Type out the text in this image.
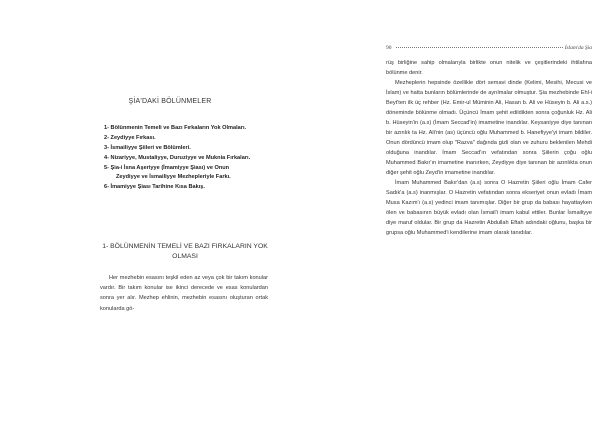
ŞİA'DAKİ BÖLÜNMELER
1- Bölünmenin Temeli ve Bazı Fırkaların Yok Olmaları.
2- Zeydiyye Fırkası.
3- İsmailiyye Şiileri ve Bölümleri.
4- Nizariyye, Mustaliyye, Duruziyye ve Muknia Fırkaları.
5- Şia-i İsna Aşeriyye (İmamiyye Şiası) ve Onun Zeydiyye ve İsmailiyye Mezhepleriyle Farkı.
6- İmamiyye Şiası Tarihine Kısa Bakış.
1- BÖLÜNMENİN TEMELİ VE BAZI FIRKALARIN YOK OLMASI

Her mezhebin esasını teşkil eden az veya çok bir takım konular vardır. Bir takım konular ise ikinci derecede ve esas konulardan sonra yer alır. Mezhep ehlinin, mezhebin esasını oluşturan ortak konularda gö-

90	İslam'da Şia

rüş birliğine sahip olmalarıyla birlikte onun nitelik ve çeşitlerindeki ihtilafına bölünme denir.

Mezheplerin hepsinde özellikle dört semavi dinde (Kelimi, Mesihi, Mecusi ve İslam) ve hatta bunların bölümlerinde de ayrılmalar olmuştur. Şia mezhebinde Ehl-i Beyt'ten ilk üç rehber (Hz. Emir-ul Müminin Ali, Hasan b. Ali ve Hüseyin b. Ali a.s.) döneminde bölünme olmadı. Üçüncü İmam şehit edildikten sonra çoğunluk Hz. Ali b. Hüseyin'in (a.s) (İmam Seccad'in) imametine inandılar. Keysaniyye diye tanınan bir azınlık ta Hz. Ali'nin (as) üçüncü oğlu Muhammed b. Hanefiyye'yi imam bildiler. Onun dördüncü imam olup "Razva" dağında gizli olan ve zuhuru beklenilen Mehdi olduğuna inandılar. İmam Seccad'ın vefatından sonra Şiilerin çoğu oğlu Muhammed Bakır'ın imametine inanırken, Zeydiyye diye tanınan bir azınlıkta onun diğer şehit oğlu Zeyd'in imametine inandılar.

İmam Muhammed Bakır'dan (a.s) sonra O Hazretin Şiileri oğlu İmam Cafer Sadık'a (a.s) inanmışlar. O Hazretin vefatından sonra ekseriyet onun evladı İmam Musa Kazım'ı (a.s) yedinci imam tanımışlar. Diğer bir grup da babası hayattayken ölen ve babasının büyük evladı olan İsmail'i imam kabul ettiler. Bunlar İsmailiyye diye maruf oldular. Bir grup da Hazretin Abdullah Eftah adındaki oğlunu, başka bir grupsa oğlu Muhammed'i kendilerine imam olarak tanıdılar.
